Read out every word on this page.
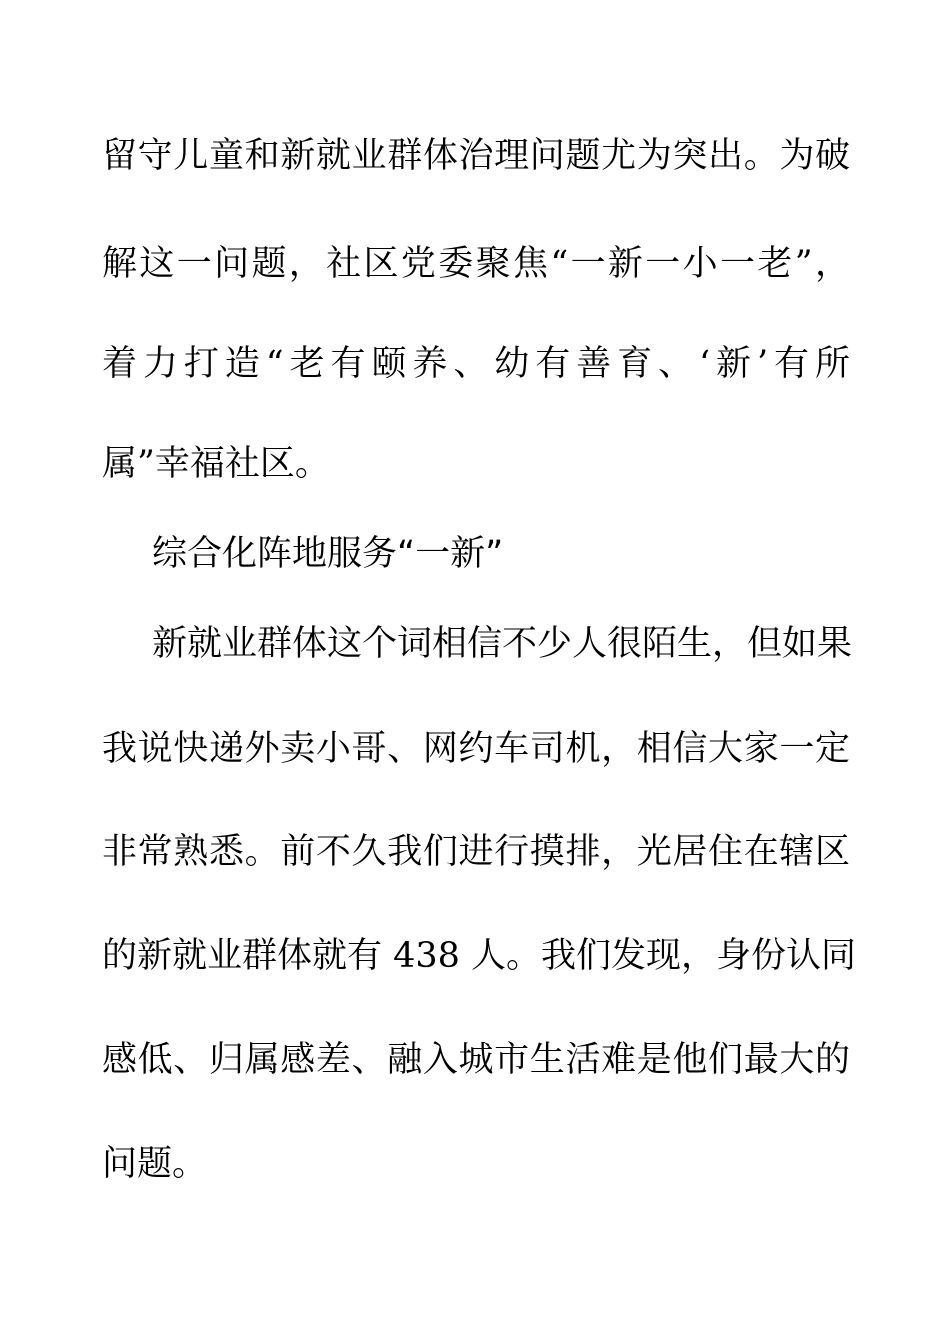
留守儿童和新就业群体治理问题尤为突出。为破
解这一问题，社区党委聚焦“一新一小一老”，
着力打造“老有颐养、幼有善育、‘新’有所
属”幸福社区。
综合化阵地服务“一新”
新就业群体这个词相信不少人很陌生，但如果
我说快递外卖小哥、网约车司机，相信大家一定
非常熟悉。前不久我们进行摸排，光居住在辖区
的新就业群体就有 438 人。我们发现，身份认同
感低、归属感差、融入城市生活难是他们最大的
问题。
